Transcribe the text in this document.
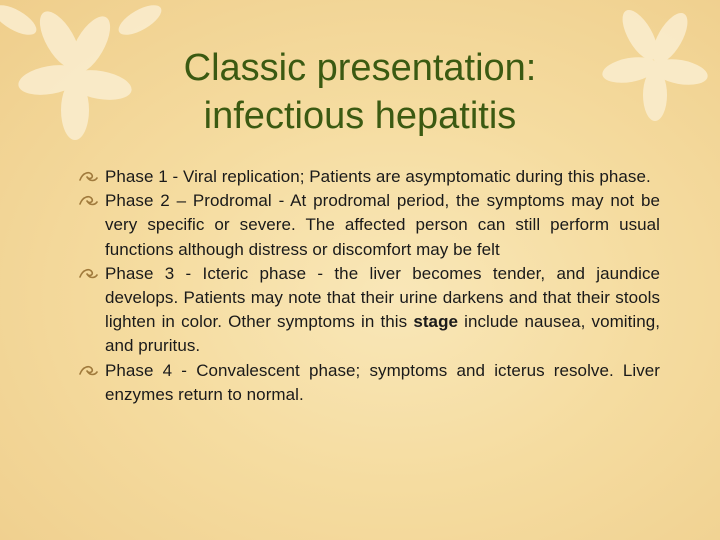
Classic presentation:
infectious hepatitis
Phase 1 - Viral replication; Patients are asymptomatic during this phase.
Phase 2 – Prodromal - At prodromal period, the symptoms may not be very specific or severe. The affected person can still perform usual functions although distress or discomfort may be felt
Phase 3 - Icteric phase - the liver becomes tender, and jaundice develops. Patients may note that their urine darkens and that their stools lighten in color. Other symptoms in this stage include nausea, vomiting, and pruritus.
Phase 4 - Convalescent phase; symptoms and icterus resolve. Liver enzymes return to normal.
